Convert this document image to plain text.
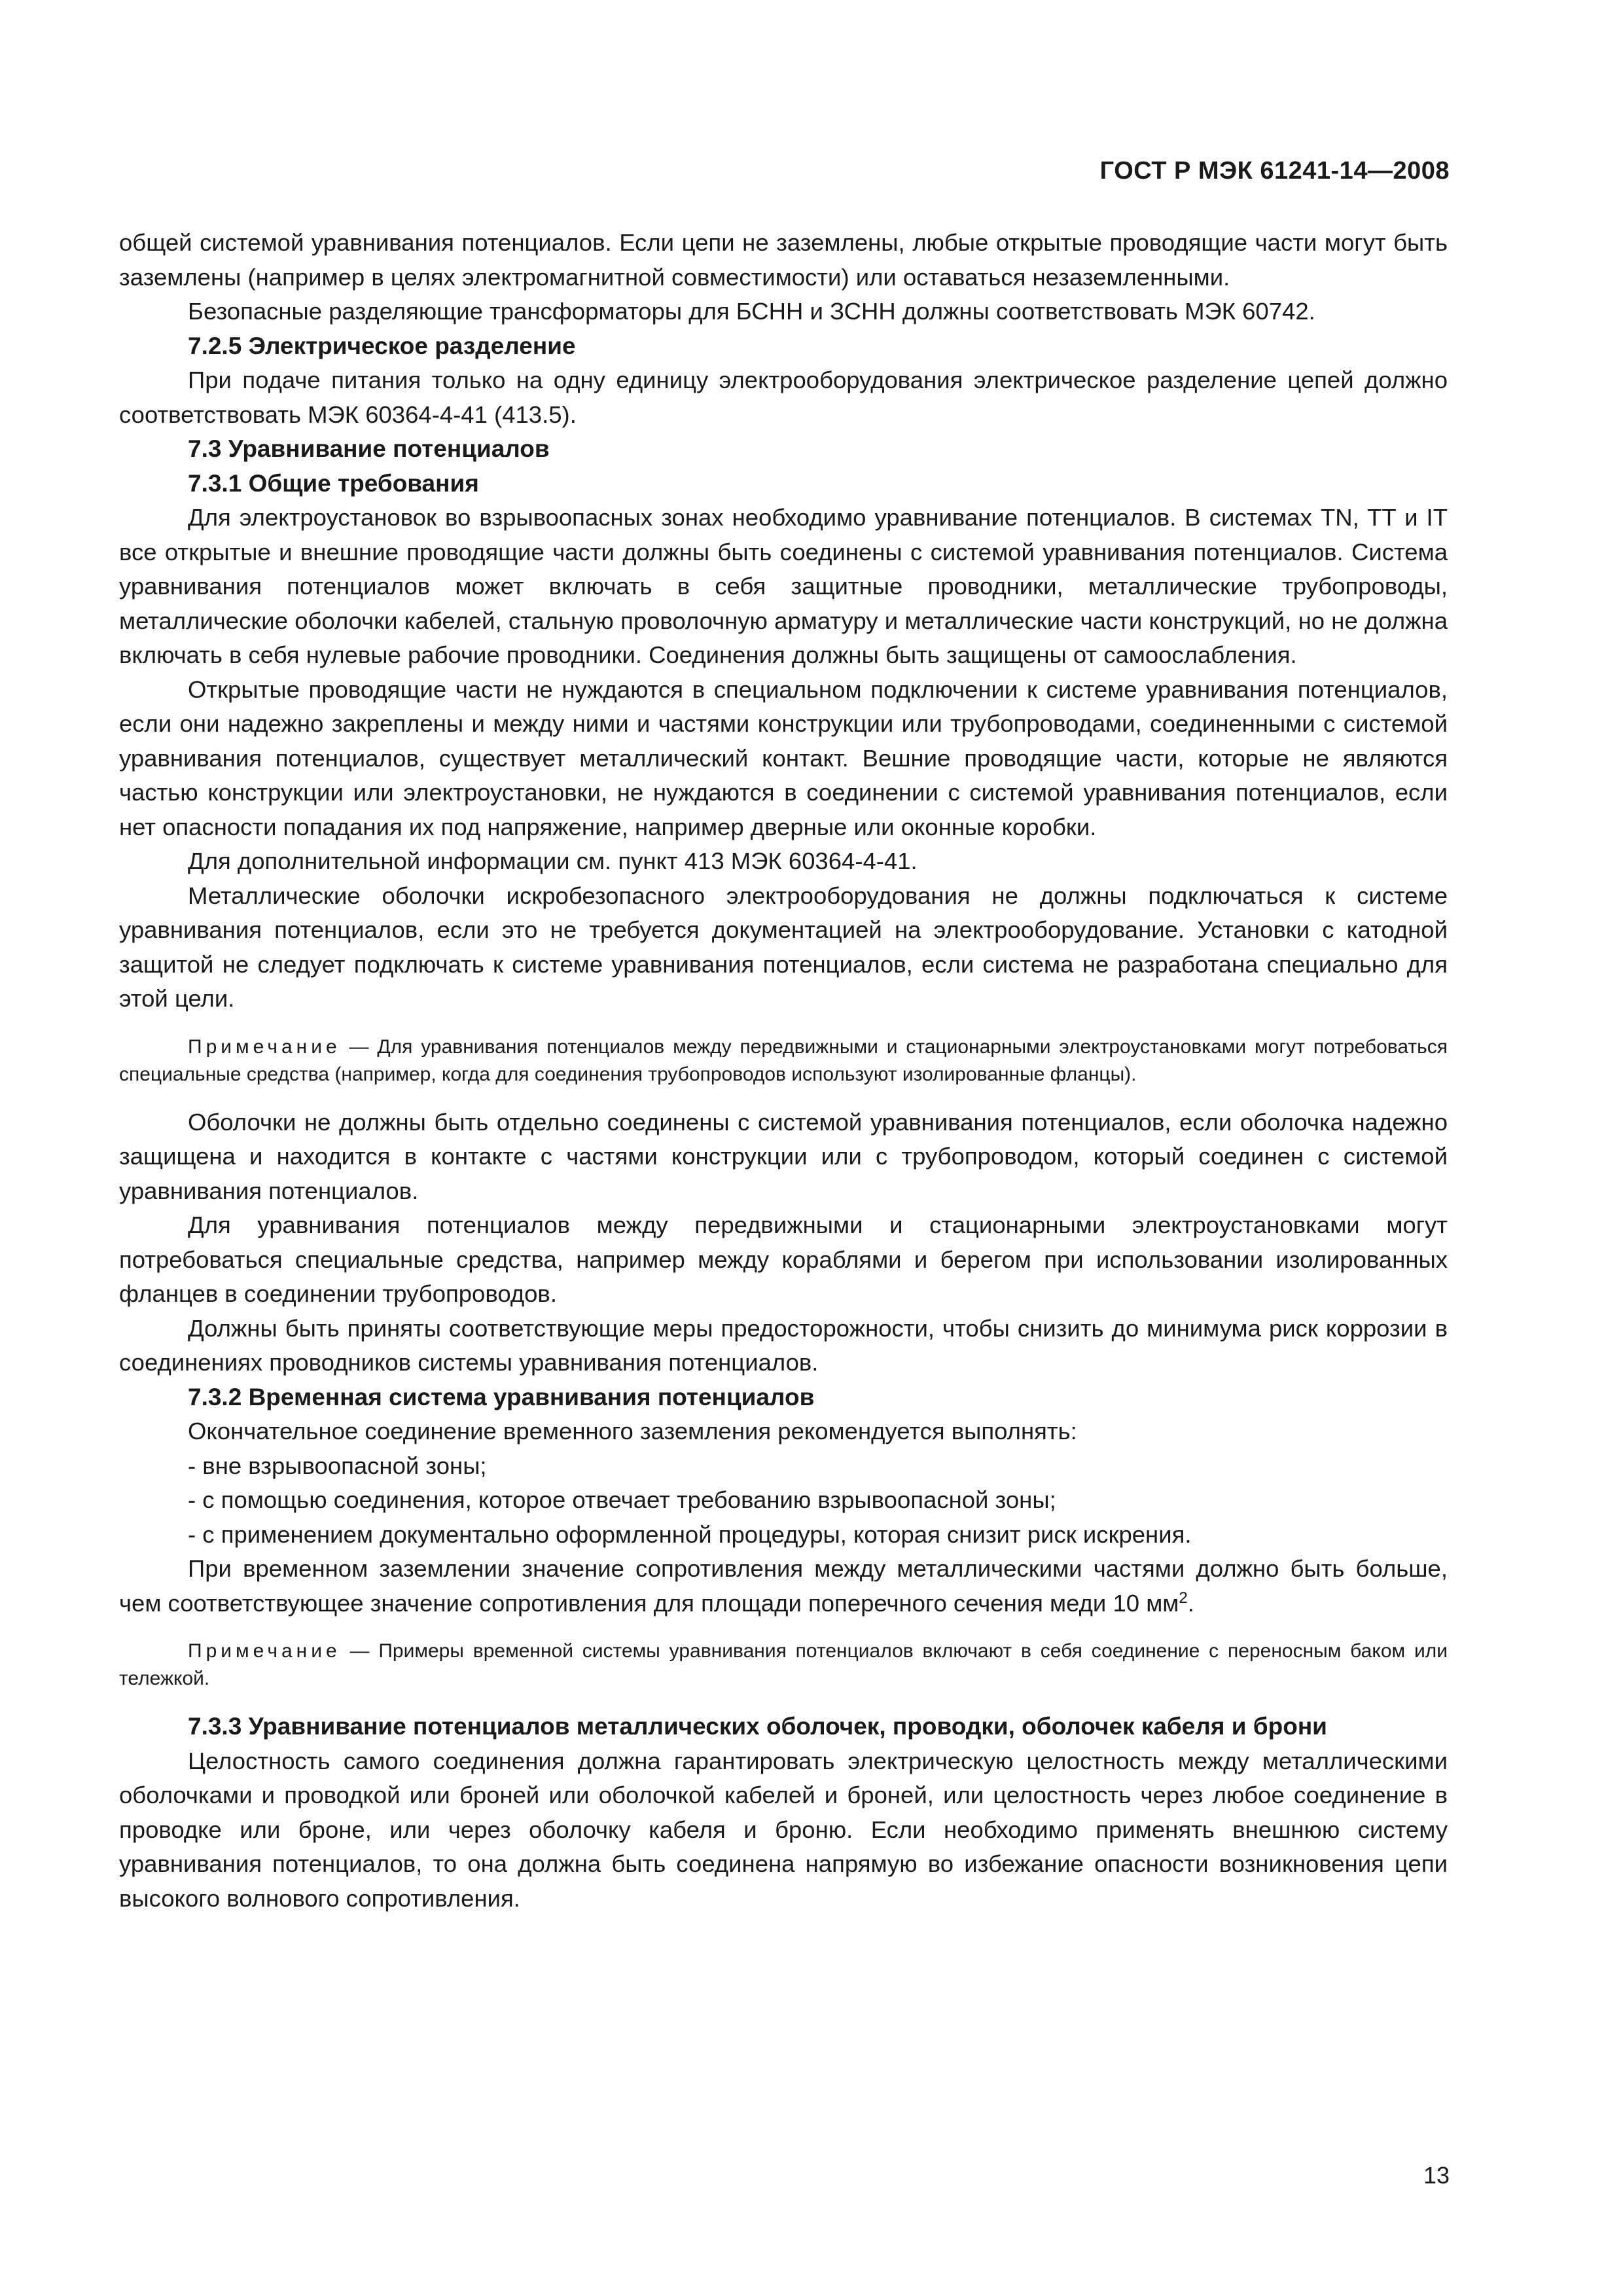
ГОСТ Р МЭК 61241-14—2008

общей системой уравнивания потенциалов. Если цепи не заземлены, любые открытые проводящие части могут быть заземлены (например в целях электромагнитной совместимости) или оставаться незаземленными.

Безопасные разделяющие трансформаторы для БСНН и ЗСНН должны соответствовать МЭК 60742.

7.2.5 Электрическое разделение

При подаче питания только на одну единицу электрооборудования электрическое разделение цепей должно соответствовать МЭК 60364-4-41 (413.5).

7.3 Уравнивание потенциалов

7.3.1 Общие требования

Для электроустановок во взрывоопасных зонах необходимо уравнивание потенциалов. В системах TN, TT и IT все открытые и внешние проводящие части должны быть соединены с системой уравнивания потенциалов. Система уравнивания потенциалов может включать в себя защитные проводники, металлические трубопроводы, металлические оболочки кабелей, стальную проволочную арматуру и металлические части конструкций, но не должна включать в себя нулевые рабочие проводники. Соединения должны быть защищены от самоослабления.

Открытые проводящие части не нуждаются в специальном подключении к системе уравнивания потенциалов, если они надежно закреплены и между ними и частями конструкции или трубопроводами, соединенными с системой уравнивания потенциалов, существует металлический контакт. Вешние проводящие части, которые не являются частью конструкции или электроустановки, не нуждаются в соединении с системой уравнивания потенциалов, если нет опасности попадания их под напряжение, например дверные или оконные коробки.

Для дополнительной информации см. пункт 413 МЭК 60364-4-41.

Металлические оболочки искробезопасного электрооборудования не должны подключаться к системе уравнивания потенциалов, если это не требуется документацией на электрооборудование. Установки с катодной защитой не следует подключать к системе уравнивания потенциалов, если система не разработана специально для этой цели.

Примечание — Для уравнивания потенциалов между передвижными и стационарными электроустановками могут потребоваться специальные средства (например, когда для соединения трубопроводов используют изолированные фланцы).

Оболочки не должны быть отдельно соединены с системой уравнивания потенциалов, если оболочка надежно защищена и находится в контакте с частями конструкции или с трубопроводом, который соединен с системой уравнивания потенциалов.

Для уравнивания потенциалов между передвижными и стационарными электроустановками могут потребоваться специальные средства, например между кораблями и берегом при использовании изолированных фланцев в соединении трубопроводов.

Должны быть приняты соответствующие меры предосторожности, чтобы снизить до минимума риск коррозии в соединениях проводников системы уравнивания потенциалов.

7.3.2 Временная система уравнивания потенциалов

Окончательное соединение временного заземления рекомендуется выполнять:

- вне взрывоопасной зоны;
- с помощью соединения, которое отвечает требованию взрывоопасной зоны;
- с применением документально оформленной процедуры, которая снизит риск искрения.

При временном заземлении значение сопротивления между металлическими частями должно быть больше, чем соответствующее значение сопротивления для площади поперечного сечения меди 10 $мм^2$.

Примечание — Примеры временной системы уравнивания потенциалов включают в себя соединение с переносным баком или тележкой.

7.3.3 Уравнивание потенциалов металлических оболочек, проводки, оболочек кабеля и брони

Целостность самого соединения должна гарантировать электрическую целостность между металлическими оболочками и проводкой или броней или оболочкой кабелей и броней, или целостность через любое соединение в проводке или броне, или через оболочку кабеля и броню. Если необходимо применять внешнюю систему уравнивания потенциалов, то она должна быть соединена напрямую во избежание опасности возникновения цепи высокого волнового сопротивления.

13
